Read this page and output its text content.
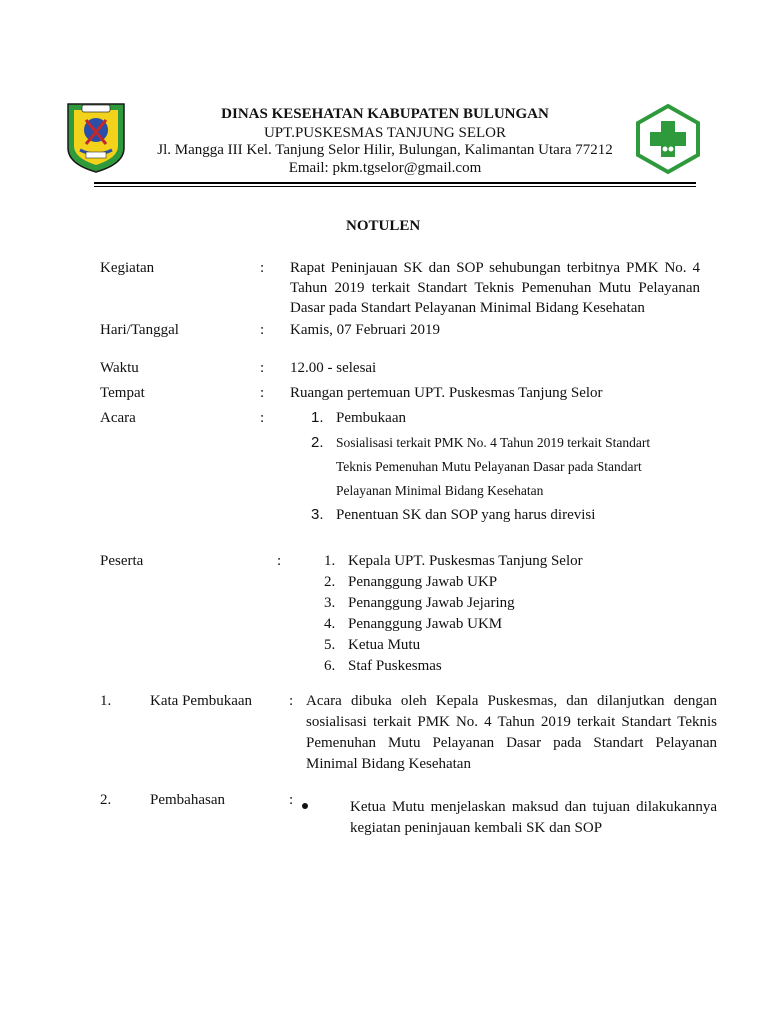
DINAS KESEHATAN KABUPATEN BULUNGAN
UPT.PUSKESMAS TANJUNG SELOR
Jl. Mangga III Kel. Tanjung Selor Hilir, Bulungan, Kalimantan Utara 77212
Email: pkm.tgselor@gmail.com
NOTULEN
Kegiatan	: Rapat Peninjauan SK dan SOP sehubungan terbitnya PMK No. 4
Tahun 2019 terkait Standart Teknis Pemenuhan Mutu Pelayanan
Dasar pada Standart Pelayanan Minimal Bidang Kesehatan
Hari/Tanggal	: Kamis, 07 Februari 2019
Waktu	: 12.00 - selesai
Tempat	: Ruangan pertemuan UPT. Puskesmas Tanjung Selor
Acara	:	1. Pembukaan
2. Sosialisasi terkait PMK No. 4 Tahun 2019 terkait Standart
Teknis Pemenuhan Mutu Pelayanan Dasar pada Standart
Pelayanan Minimal Bidang Kesehatan
3. Penentuan SK dan SOP yang harus direvisi
Peserta	:	1. Kepala UPT. Puskesmas Tanjung Selor
2. Penanggung Jawab UKP
3. Penanggung Jawab Jejaring
4. Penanggung Jawab UKM
5. Ketua Mutu
6. Staf Puskesmas
1.	Kata Pembukaan : Acara dibuka oleh Kepala Puskesmas, dan dilanjutkan dengan
sosialisasi terkait PMK No. 4 Tahun 2019 terkait Standart Teknis
Pemenuhan Mutu Pelayanan Dasar pada Standart Pelayanan
Minimal Bidang Kesehatan
2.	Pembahasan	:	Ketua Mutu menjelaskan maksud dan tujuan dilakukannya
kegiatan peninjauan kembali SK dan SOP
